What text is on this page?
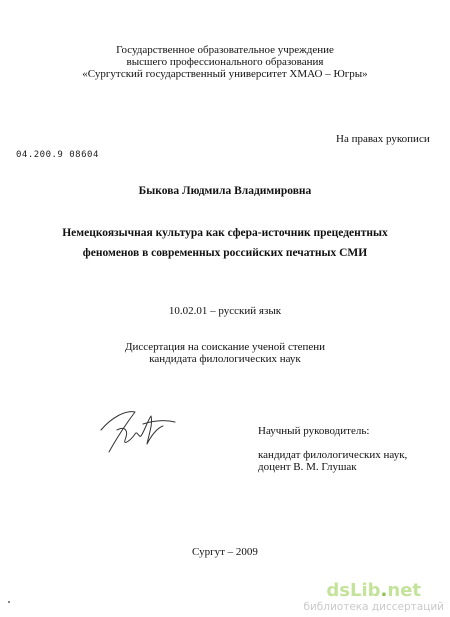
Государственное образовательное учреждение
высшего профессионального образования
«Сургутский государственный университет ХМАО – Югры»
На правах рукописи
04.200.9 08604
Быкова Людмила Владимировна
Немецкоязычная культура как сфера-источник прецедентных
феноменов в современных российских печатных СМИ
10.02.01 – русский язык
Диссертация на соискание ученой степени
кандидата филологических наук
Научный руководитель:
кандидат филологических наук,
доцент В. М. Глушак
Сургут – 2009
dsLib.net
библиотека диссертаций
